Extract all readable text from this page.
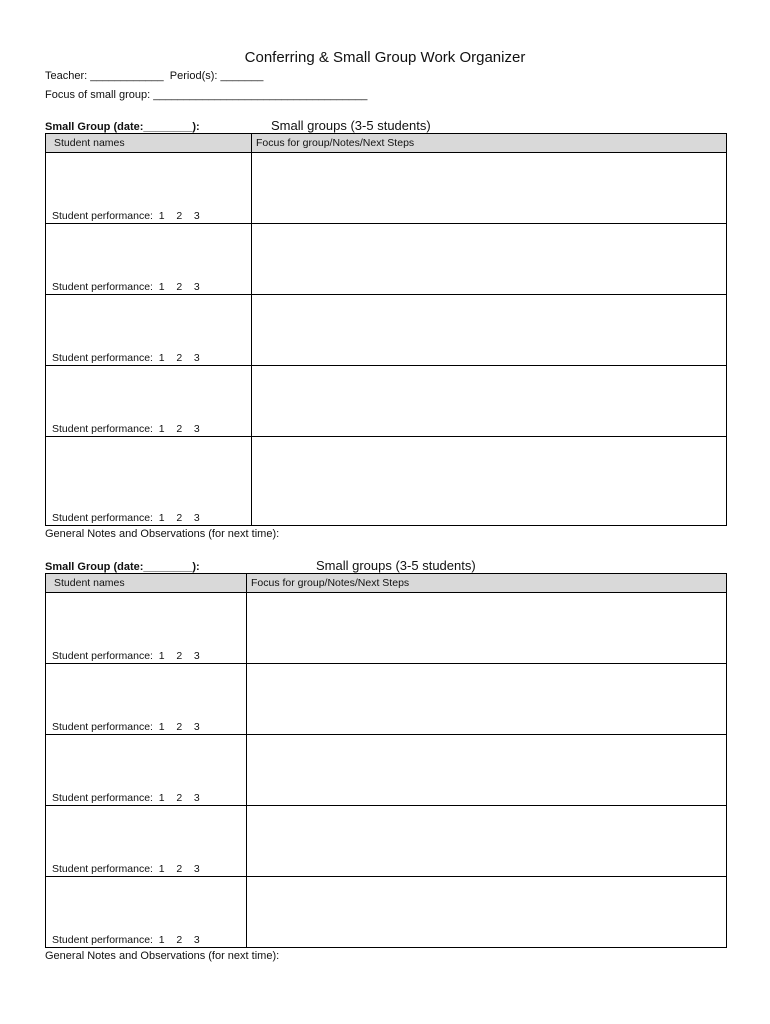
Conferring & Small Group Work Organizer
Teacher: ____________  Period(s): _______
Focus of small group: ___________________________________
Small Group (date:________):	Small groups (3-5 students)
Student names	Focus for group/Notes/Next Steps

Student performance:  1    2    3	

Student performance:  1    2    3	

Student performance:  1    2    3	

Student performance:  1    2    3	

Student performance:  1    2    3	

General Notes and Observations (for next time):
Small Group (date:________):	Small groups (3-5 students)
Student names	Focus for group/Notes/Next Steps

Student performance:  1    2    3	

Student performance:  1    2    3	

Student performance:  1    2    3	

Student performance:  1    2    3	

Student performance:  1    2    3	

General Notes and Observations (for next time):
